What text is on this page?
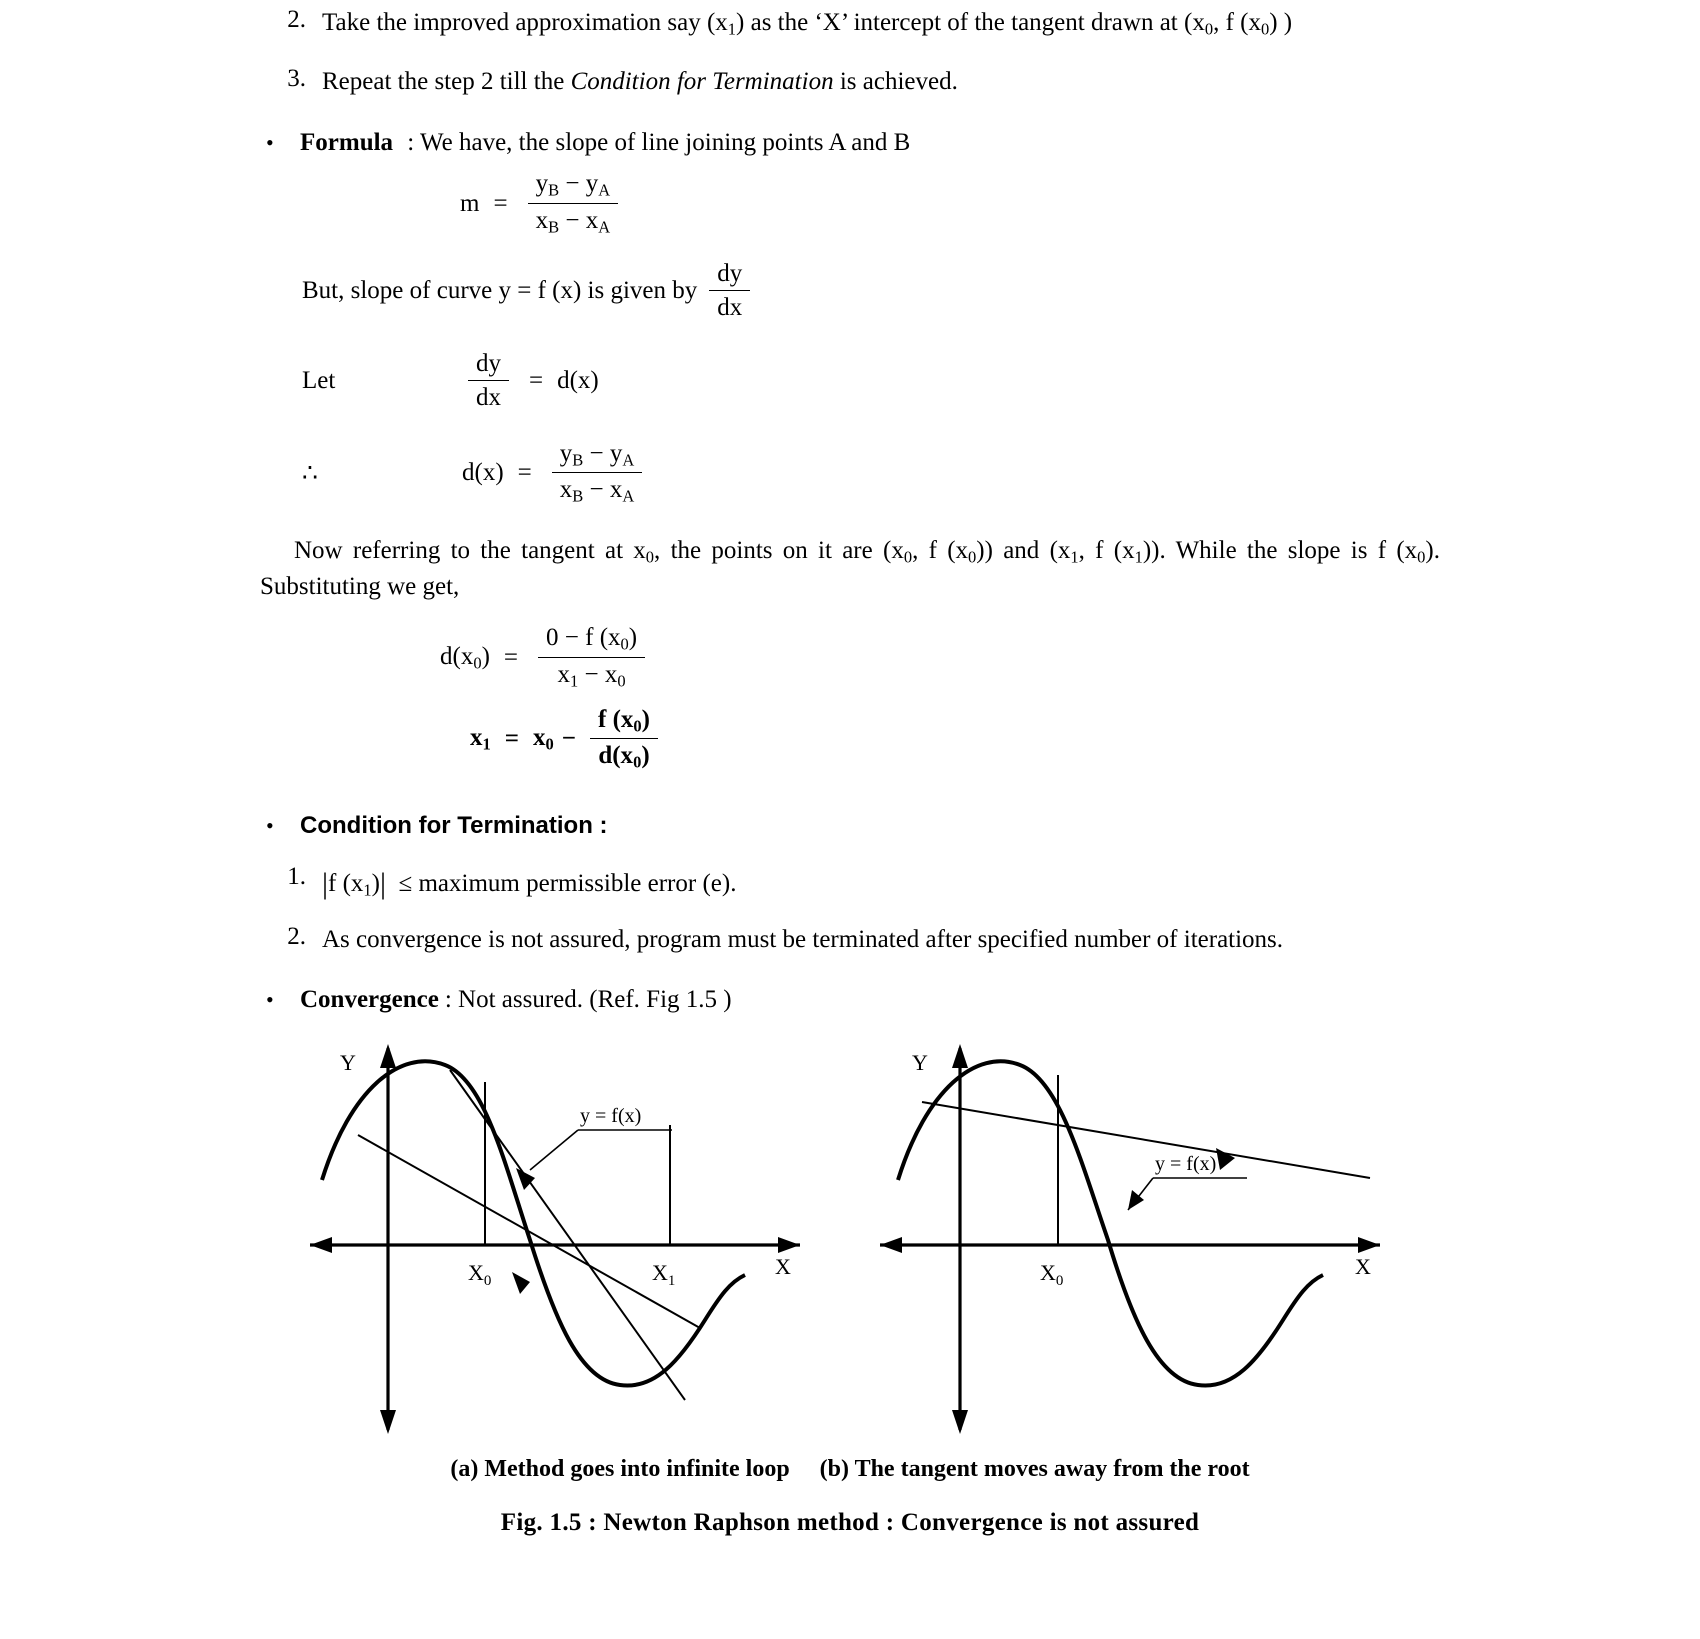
2. Take the improved approximation say $(x_1)$ as the ‘X’ intercept of the tangent drawn at ($x_0$, f $(x_0)$ )
3. Repeat the step 2 till the Condition for Termination is achieved.
•	Formula : We have, the slope of line joining points A and B
$m = \frac{y_B - y_A}{x_B - x_A}$
But, slope of curve y = f (x) is given by $\frac{dy}{dx}$
Let	$\frac{dy}{dx} = d(x)$
∴	$d(x) = \frac{y_B - y_A}{x_B - x_A}$
Now referring to the tangent at $x_0$, the points on it are ($x_0$, f $(x_0)$) and ($x_1$, f $(x_1)$). While the slope is f $(x_0)$. Substituting we get,
$d(x_0) = \frac{0 - f (x_0)}{x_1 - x_0}$
$x_1 = x_0 - \frac{f (x_0)}{d(x_0)}$
•	Condition for Termination :
1. |f $(x_1)|$ ≤ maximum permissible error (e).
2. As convergence is not assured, program must be terminated after specified number of iterations.
•	Convergence : Not assured. (Ref. Fig 1.5 )
y = f(x)
Y
X
$X_0$	$X_1$
y = f(x)
Y
X
$X_0$
(a) Method goes into infinite loop (b) The tangent moves away from the root
Fig. 1.5 : Newton Raphson method : Convergence is not assured
